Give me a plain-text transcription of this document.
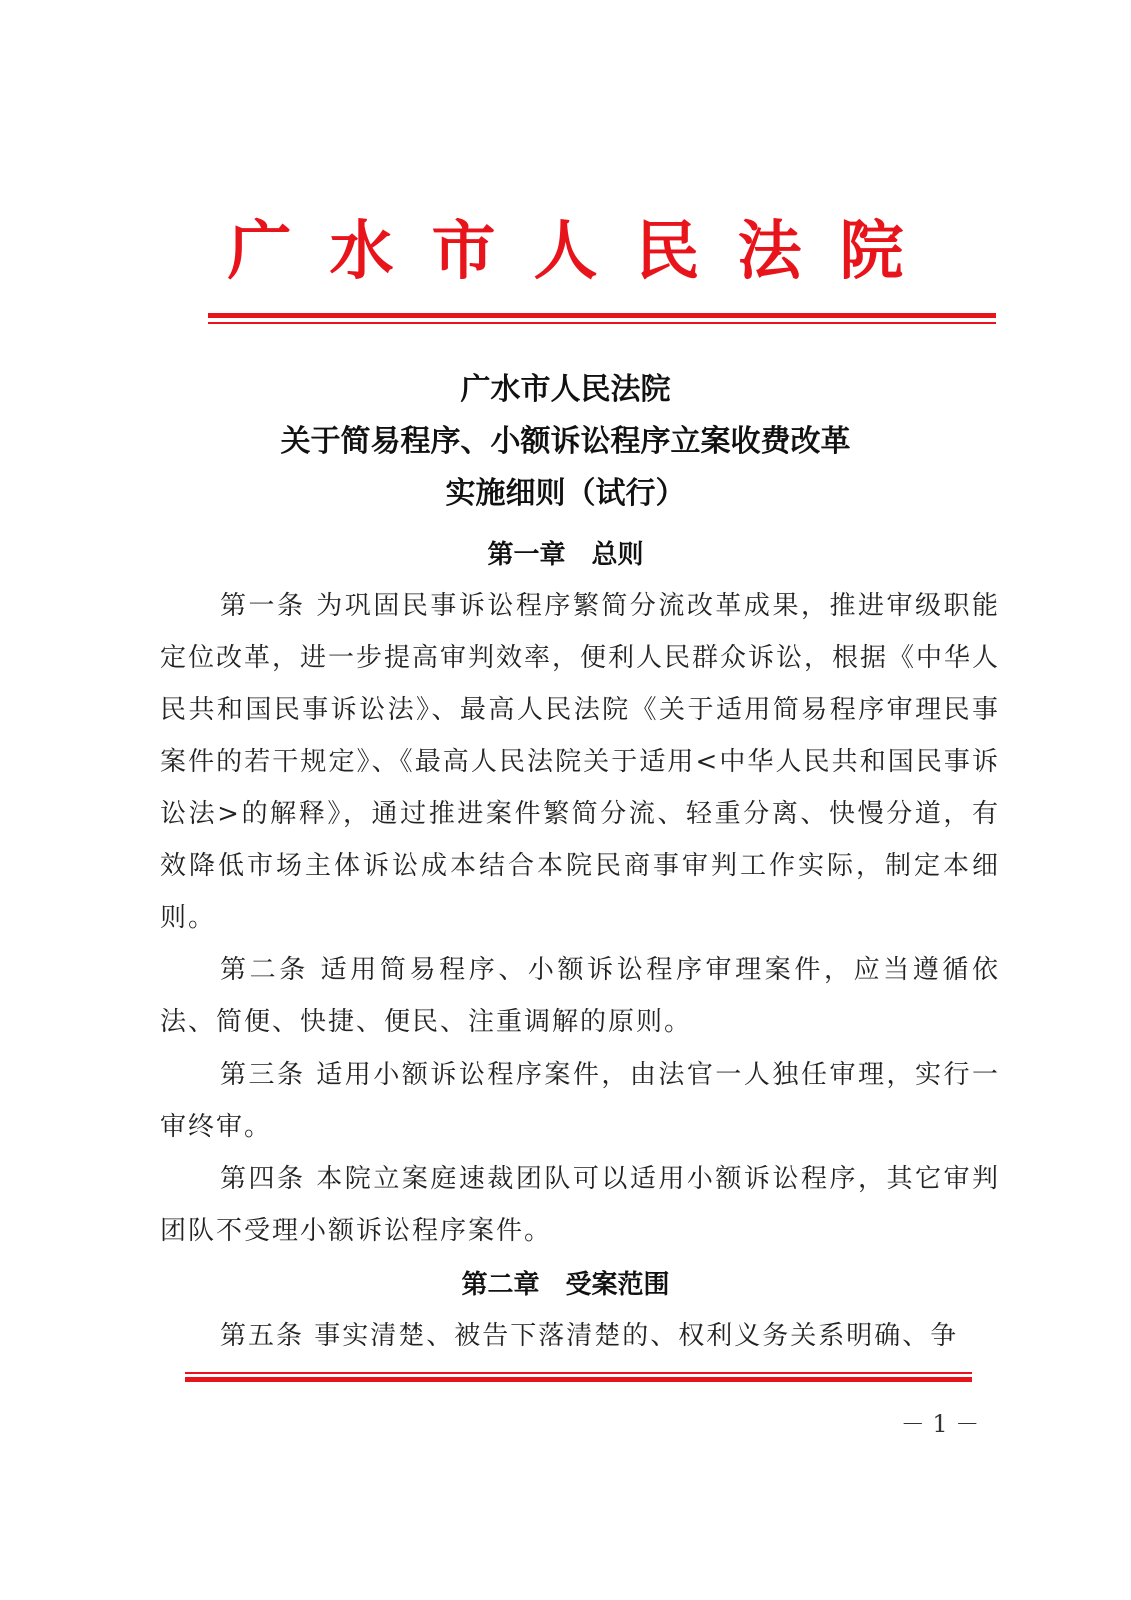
广水市人民法院
广水市人民法院
关于简易程序、小额诉讼程序立案收费改革
实施细则（试行）
第一章　总则
第一条 为巩固民事诉讼程序繁简分流改革成果，推进审级职能定位改革，进一步提高审判效率，便利人民群众诉讼，根据《中华人民共和国民事诉讼法》、最高人民法院《关于适用简易程序审理民事案件的若干规定》、《最高人民法院关于适用<中华人民共和国民事诉讼法>的解释》，通过推进案件繁简分流、轻重分离、快慢分道，有效降低市场主体诉讼成本结合本院民商事审判工作实际，制定本细则。
第二条 适用简易程序、小额诉讼程序审理案件，应当遵循依法、简便、快捷、便民、注重调解的原则。
第三条 适用小额诉讼程序案件，由法官一人独任审理，实行一审终审。
第四条 本院立案庭速裁团队可以适用小额诉讼程序，其它审判团队不受理小额诉讼程序案件。
第二章　受案范围
第五条 事实清楚、被告下落清楚的、权利义务关系明确、争
－ 1 －
